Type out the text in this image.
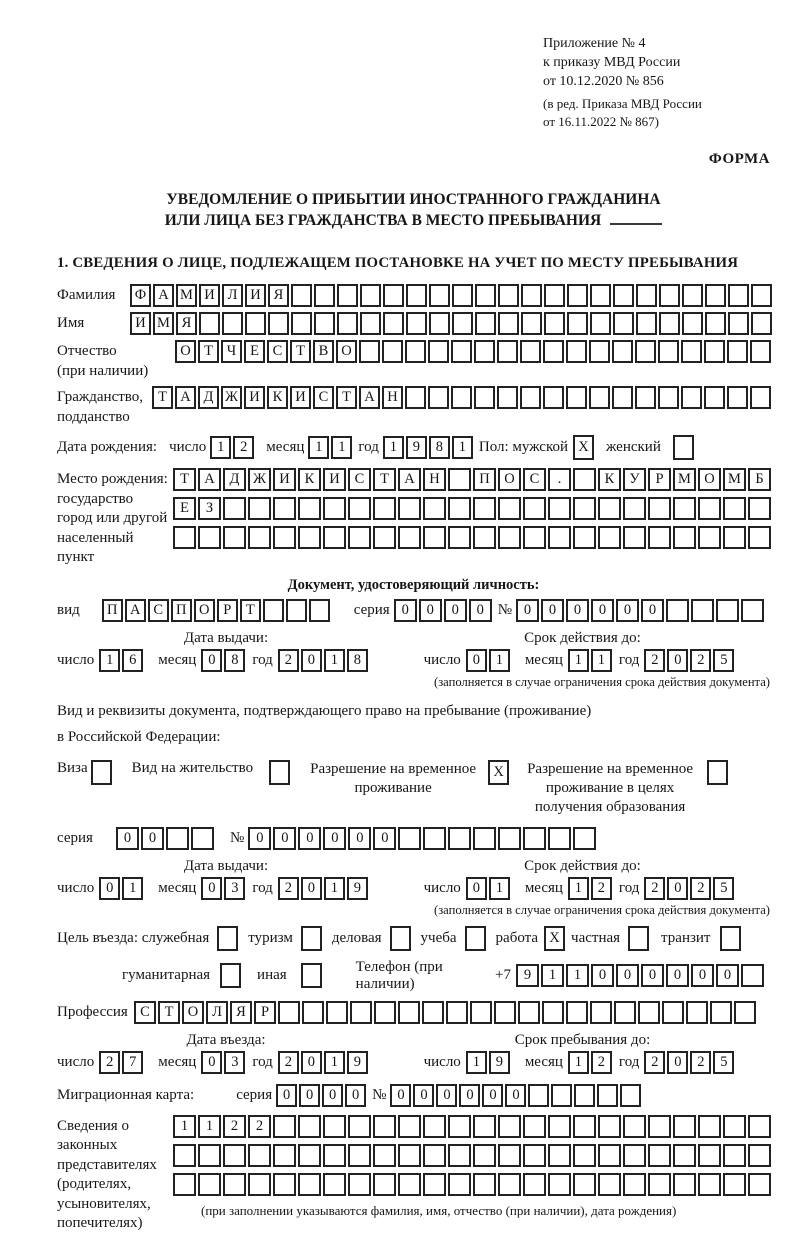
Приложение № 4
к приказу МВД России
от 10.12.2020 № 856
(в ред. Приказа МВД России
от 16.11.2022 № 867)
ФОРМА
УВЕДОМЛЕНИЕ О ПРИБЫТИИ ИНОСТРАННОГО ГРАЖДАНИНА
ИЛИ ЛИЦА БЕЗ ГРАЖДАНСТВА В МЕСТО ПРЕБЫВАНИЯ
1. СВЕДЕНИЯ О ЛИЦЕ, ПОДЛЕЖАЩЕМ ПОСТАНОВКЕ НА УЧЕТ ПО МЕСТУ ПРЕБЫВАНИЯ
Фамилия	Ф А М И Л И Я
Имя	И М Я
Отчество
(при наличии)
О Т Ч Е С Т В О
Гражданство,
подданство
Т А Д Ж И К И С Т А Н
Дата рождения: число 1	2	месяц 1	1 год 1	9	8	1 Пол: мужской X	женский
Место рождения:
государство
город или другой
населенный пункт
Т	А	Д Ж И	К	И	С	Т	А	Н	П	О	С	.	К	У	Р	М О М Б
Е	З
Документ, удостоверяющий личность:
вид	П А С П О Р	Т	серия 0	0	0	0 № 0	0	0	0	0	0
Дата выдачи:
число 1	6	месяц 0	8 год 2	0	1	8
Срок действия до:
число 0	1	месяц 1	1 год 2	0	2	5
(заполняется в случае ограничения срока действия документа)
Вид и реквизиты документа, подтверждающего право на пребывание (проживание)
в Российской Федерации:
Виза	Вид на жительство	Разрешение на временное
проживание
X	Разрешение на временное
проживание в целях
получения образования
серия	0	0	№ 0	0	0	0	0	0
Дата выдачи:
число 0	1	месяц 0	3 год 2	0	1	9
Срок действия до:
число 0	1	месяц 1	2 год 2	0	2	5
(заполняется в случае ограничения срока действия документа)
Цель въезда: служебная	туризм	деловая	учеба	работа X частная	транзит
гуманитарная	иная
Телефон (при наличии)
+7 9	1	1	0	0	0	0	0	0
Профессия С	Т О Л Я	Р
Дата въезда:
число 2	7	месяц 0	3 год 2	0	1	9
Срок пребывания до:
число 1	9	месяц 1	2 год 2	0	2	5
Миграционная карта:	серия 0	0	0	0 № 0	0	0	0	0	0
Сведения о
законных
представителях
(родителях,
усыновителях,
попечителях)
1	1	2	2
(при заполнении указываются фамилия, имя, отчество (при наличии), дата рождения)
